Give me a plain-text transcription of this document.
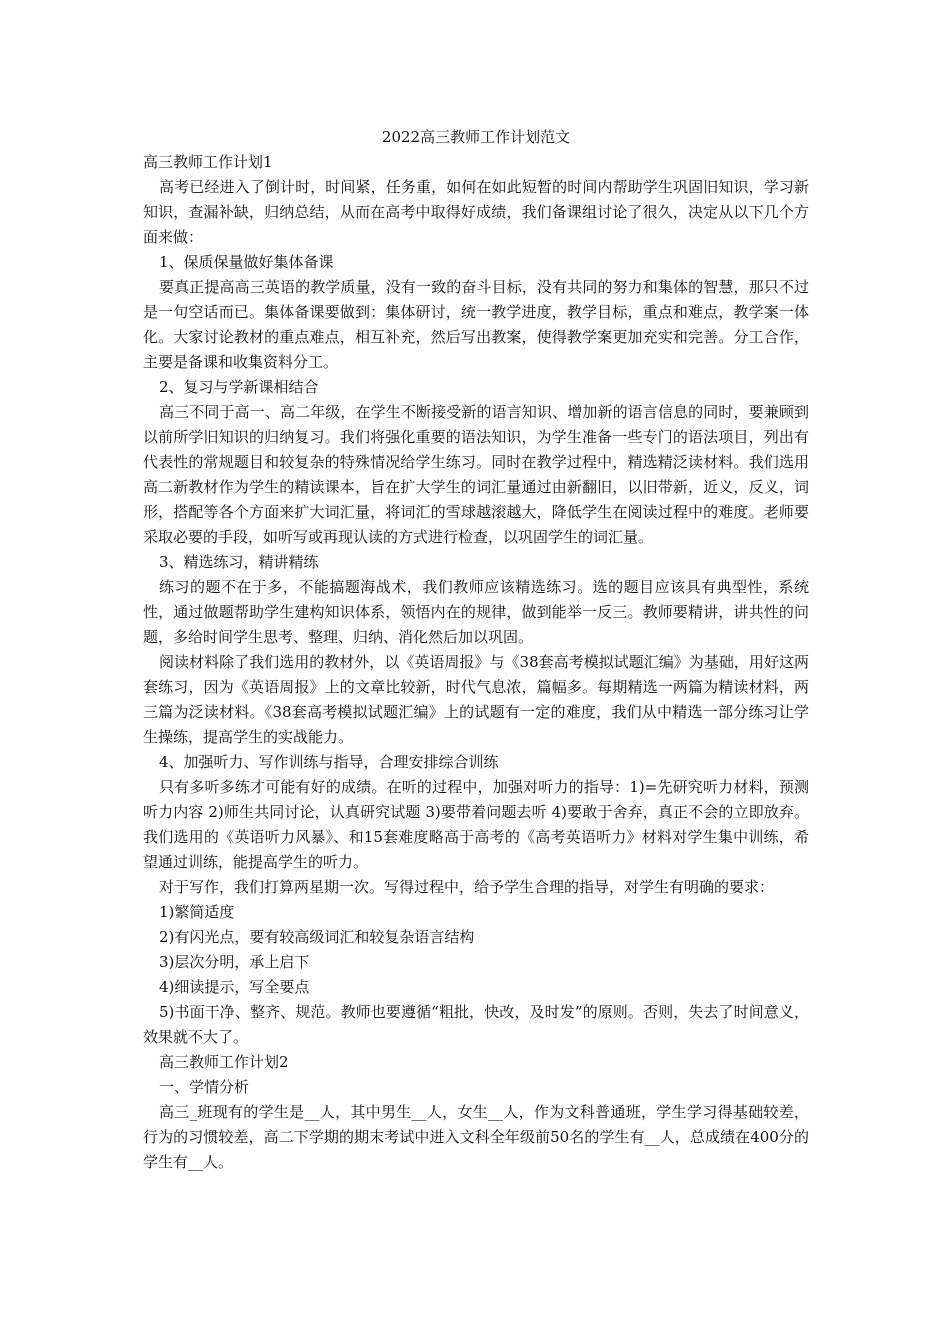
2022高三教师工作计划范文

高三教师工作计划1

高考已经进入了倒计时，时间紧，任务重，如何在如此短暂的时间内帮助学生巩固旧知识，学习新知识，查漏补缺，归纳总结，从而在高考中取得好成绩，我们备课组讨论了很久，决定从以下几个方面来做：

1、保质保量做好集体备课

要真正提高高三英语的教学质量，没有一致的奋斗目标，没有共同的努力和集体的智慧，那只不过是一句空话而已。集体备课要做到：集体研讨，统一教学进度，教学目标，重点和难点，教学案一体化。大家讨论教材的重点难点，相互补充，然后写出教案，使得教学案更加充实和完善。分工合作，主要是备课和收集资料分工。

2、复习与学新课相结合

高三不同于高一、高二年级，在学生不断接受新的语言知识、增加新的语言信息的同时，要兼顾到以前所学旧知识的归纳复习。我们将强化重要的语法知识，为学生准备一些专门的语法项目，列出有代表性的常规题目和较复杂的特殊情况给学生练习。同时在教学过程中，精选精泛读材料。我们选用高二新教材作为学生的精读课本，旨在扩大学生的词汇量通过由新翻旧，以旧带新，近义，反义，词形，搭配等各个方面来扩大词汇量，将词汇的雪球越滚越大，降低学生在阅读过程中的难度。老师要采取必要的手段，如听写或再现认读的方式进行检查，以巩固学生的词汇量。

3、精选练习，精讲精练

练习的题不在于多，不能搞题海战术，我们教师应该精选练习。选的题目应该具有典型性，系统性，通过做题帮助学生建构知识体系，领悟内在的规律，做到能举一反三。教师要精讲，讲共性的问题，多给时间学生思考、整理、归纳、消化然后加以巩固。

阅读材料除了我们选用的教材外，以《英语周报》与《38套高考模拟试题汇编》为基础，用好这两套练习，因为《英语周报》上的文章比较新，时代气息浓，篇幅多。每期精选一两篇为精读材料，两三篇为泛读材料。《38套高考模拟试题汇编》上的试题有一定的难度，我们从中精选一部分练习让学生操练，提高学生的实战能力。

4、加强听力、写作训练与指导，合理安排综合训练

只有多听多练才可能有好的成绩。在听的过程中，加强对听力的指导：1)=先研究听力材料，预测听力内容 2)师生共同讨论，认真研究试题 3)要带着问题去听 4)要敢于舍弃，真正不会的立即放弃。我们选用的《英语听力风暴》、和15套难度略高于高考的《高考英语听力》材料对学生集中训练，希望通过训练，能提高学生的听力。

对于写作，我们打算两星期一次。写得过程中，给予学生合理的指导，对学生有明确的要求：

1)繁简适度

2)有闪光点，要有较高级词汇和较复杂语言结构

3)层次分明，承上启下

4)细读提示，写全要点

5)书面干净、整齐、规范。教师也要遵循“粗批，快改，及时发”的原则。否则，失去了时间意义，效果就不大了。

高三教师工作计划2

一、学情分析

高三_班现有的学生是__人，其中男生__人，女生__人，作为文科普通班，学生学习得基础较差，行为的习惯较差，高二下学期的期末考试中进入文科全年级前50名的学生有__人，总成绩在400分的学生有__人。
